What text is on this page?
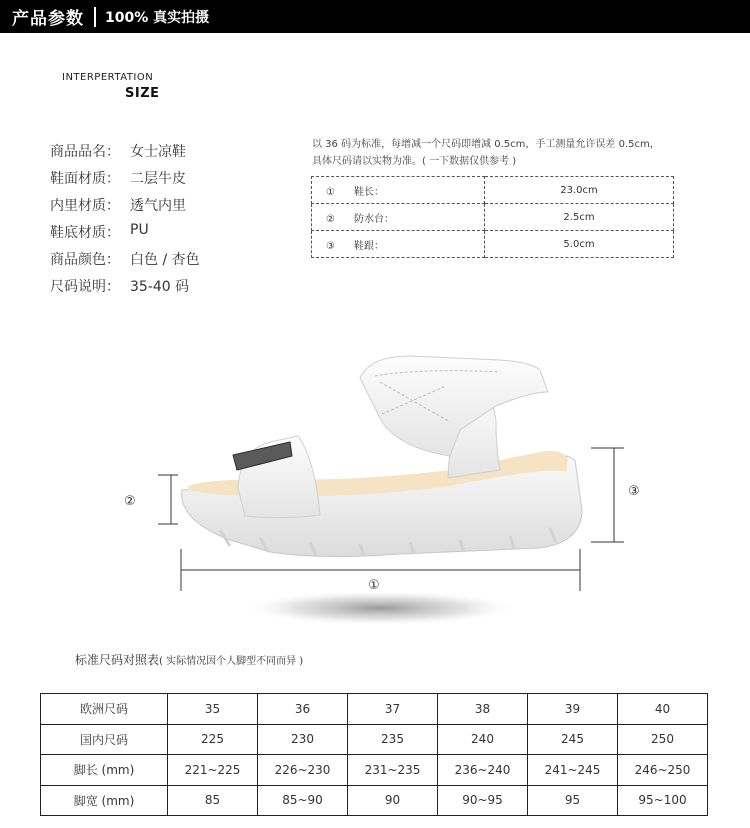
产品参数 100% 真实拍摄
INTERPERTATION
SIZE
商品品名： 女士凉鞋
鞋面材质： 二层牛皮
内里材质： 透气内里
鞋底材质： PU
商品颜色： 白色 / 杏色
尺码说明： 35-40 码
以 36 码为标准，每增减一个尺码即增减 0.5cm，手工测量允许误差 0.5cm，
具体尺码请以实物为准。( 一下数据仅供参考 )
① 鞋长：	23.0cm
② 防水台：	2.5cm
③ 鞋跟：	5.0cm
②
③
①
标准尺码对照表( 实际情况因个人脚型不同而异 )
欧洲尺码	35	36	37	38	39	40
国内尺码	225	230	235	240	245	250
脚长 (mm)	221~225	226~230	231~235	236~240	241~245	246~250
脚宽 (mm)	85	85~90	90	90~95	95	95~100
